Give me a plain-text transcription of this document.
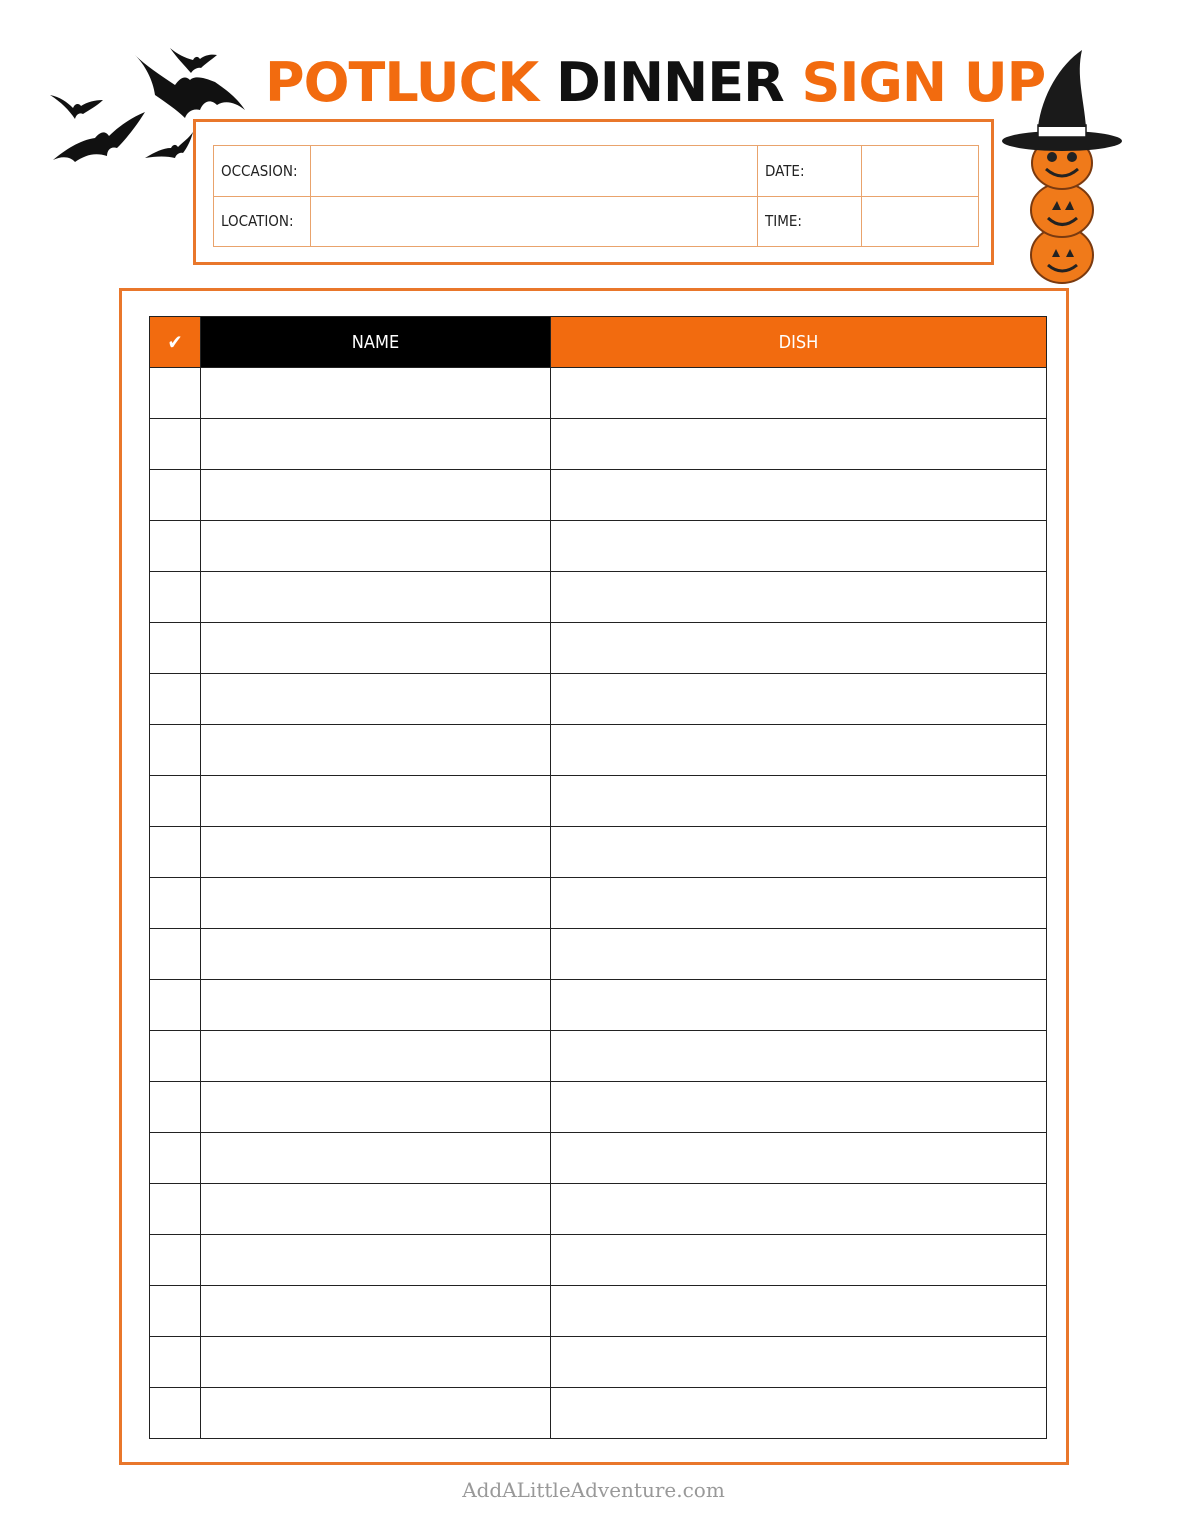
POTLUCK DINNER SIGN UP
OCCASION:		DATE:	
LOCATION:		TIME:	
✔	NAME	DISH

AddALittleAdventure.com
